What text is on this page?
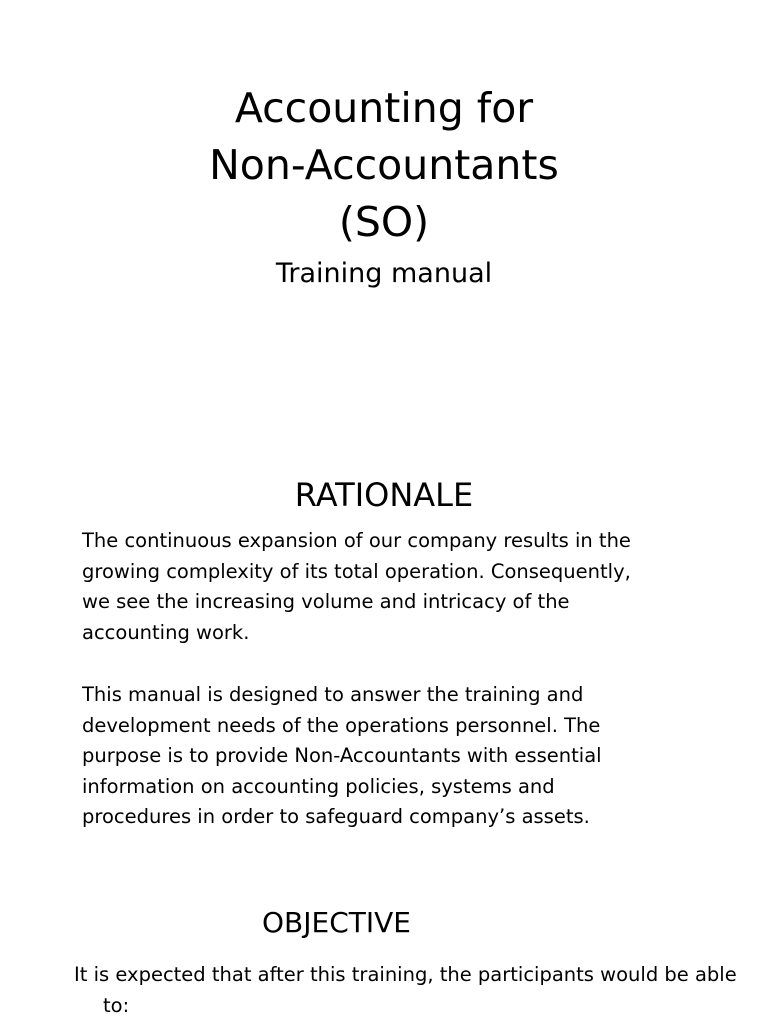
Accounting for
Non-Accountants
(SO)

Training manual

RATIONALE

The continuous expansion of our company results in the
growing complexity of its total operation. Consequently,
we see the increasing volume and intricacy of the
accounting work.

This manual is designed to answer the training and
development needs of the operations personnel. The
purpose is to provide Non-Accountants with essential
information on accounting policies, systems and
procedures in order to safeguard company’s assets.

OBJECTIVE

It is expected that after this training, the participants would be able to:
